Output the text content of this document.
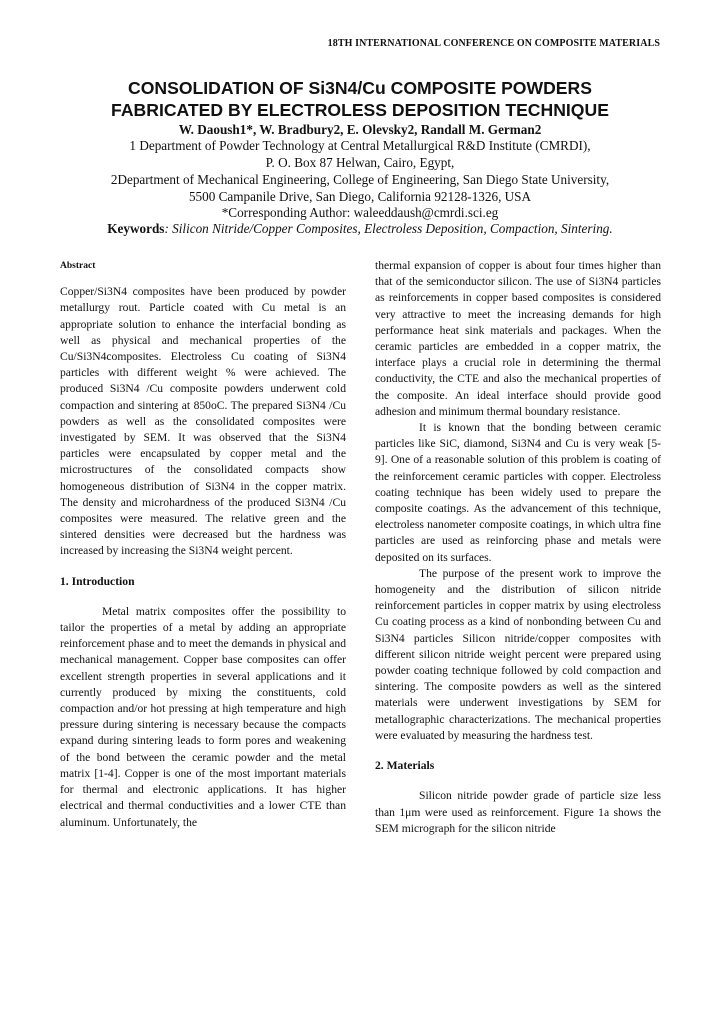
18TH INTERNATIONAL CONFERENCE ON COMPOSITE MATERIALS
CONSOLIDATION OF Si3N4/Cu COMPOSITE POWDERS
FABRICATED BY ELECTROLESS DEPOSITION TECHNIQUE
W. Daoush1*, W. Bradbury2, E. Olevsky2, Randall M. German2
1 Department of Powder Technology at Central Metallurgical R&D Institute (CMRDI),
P. O. Box 87 Helwan, Cairo, Egypt,
2Department of Mechanical Engineering, College of Engineering, San Diego State University,
5500 Campanile Drive, San Diego, California 92128-1326, USA
*Corresponding Author: waleeddaush@cmrdi.sci.eg
Keywords: Silicon Nitride/Copper Composites, Electroless Deposition, Compaction, Sintering.

Abstract

Copper/Si3N4 composites have been produced by powder metallurgy rout. Particle coated with Cu metal is an appropriate solution to enhance the interfacial bonding as well as physical and mechanical properties of the Cu/Si3N4composites. Electroless Cu coating of Si3N4 particles with different weight % were achieved. The produced Si3N4 /Cu composite powders underwent cold compaction and sintering at 850oC. The prepared Si3N4 /Cu powders as well as the consolidated composites were investigated by SEM. It was observed that the Si3N4 particles were encapsulated by copper metal and the microstructures of the consolidated compacts show homogeneous distribution of Si3N4 in the copper matrix. The density and microhardness of the produced Si3N4 /Cu composites were measured. The relative green and the sintered densities were decreased but the hardness was increased by increasing the Si3N4 weight percent.

1. Introduction

Metal matrix composites offer the possibility to tailor the properties of a metal by adding an appropriate reinforcement phase and to meet the demands in physical and mechanical management. Copper base composites can offer excellent strength properties in several applications and it currently produced by mixing the constituents, cold compaction and/or hot pressing at high temperature and high pressure during sintering is necessary because the compacts expand during sintering leads to form pores and weakening of the bond between the ceramic powder and the metal matrix [1-4]. Copper is one of the most important materials for thermal and electronic applications. It has higher electrical and thermal conductivities and a lower CTE than aluminum. Unfortunately, the

thermal expansion of copper is about four times higher than that of the semiconductor silicon. The use of Si3N4 particles as reinforcements in copper based composites is considered very attractive to meet the increasing demands for high performance heat sink materials and packages. When the ceramic particles are embedded in a copper matrix, the interface plays a crucial role in determining the thermal conductivity, the CTE and also the mechanical properties of the composite. An ideal interface should provide good adhesion and minimum thermal boundary resistance.

It is known that the bonding between ceramic particles like SiC, diamond, Si3N4 and Cu is very weak [5-9]. One of a reasonable solution of this problem is coating of the reinforcement ceramic particles with copper. Electroless coating technique has been widely used to prepare the composite coatings. As the advancement of this technique, electroless nanometer composite coatings, in which ultra fine particles are used as reinforcing phase and metals were deposited on its surfaces.

The purpose of the present work to improve the homogeneity and the distribution of silicon nitride reinforcement particles in copper matrix by using electroless Cu coating process as a kind of nonbonding between Cu and Si3N4 particles Silicon nitride/copper composites with different silicon nitride weight percent were prepared using powder coating technique followed by cold compaction and sintering. The composite powders as well as the sintered materials were underwent investigations by SEM for metallographic characterizations. The mechanical properties were evaluated by measuring the hardness test.

2. Materials

Silicon nitride powder grade of particle size less than 1μm were used as reinforcement. Figure 1a shows the SEM micrograph for the silicon nitride
